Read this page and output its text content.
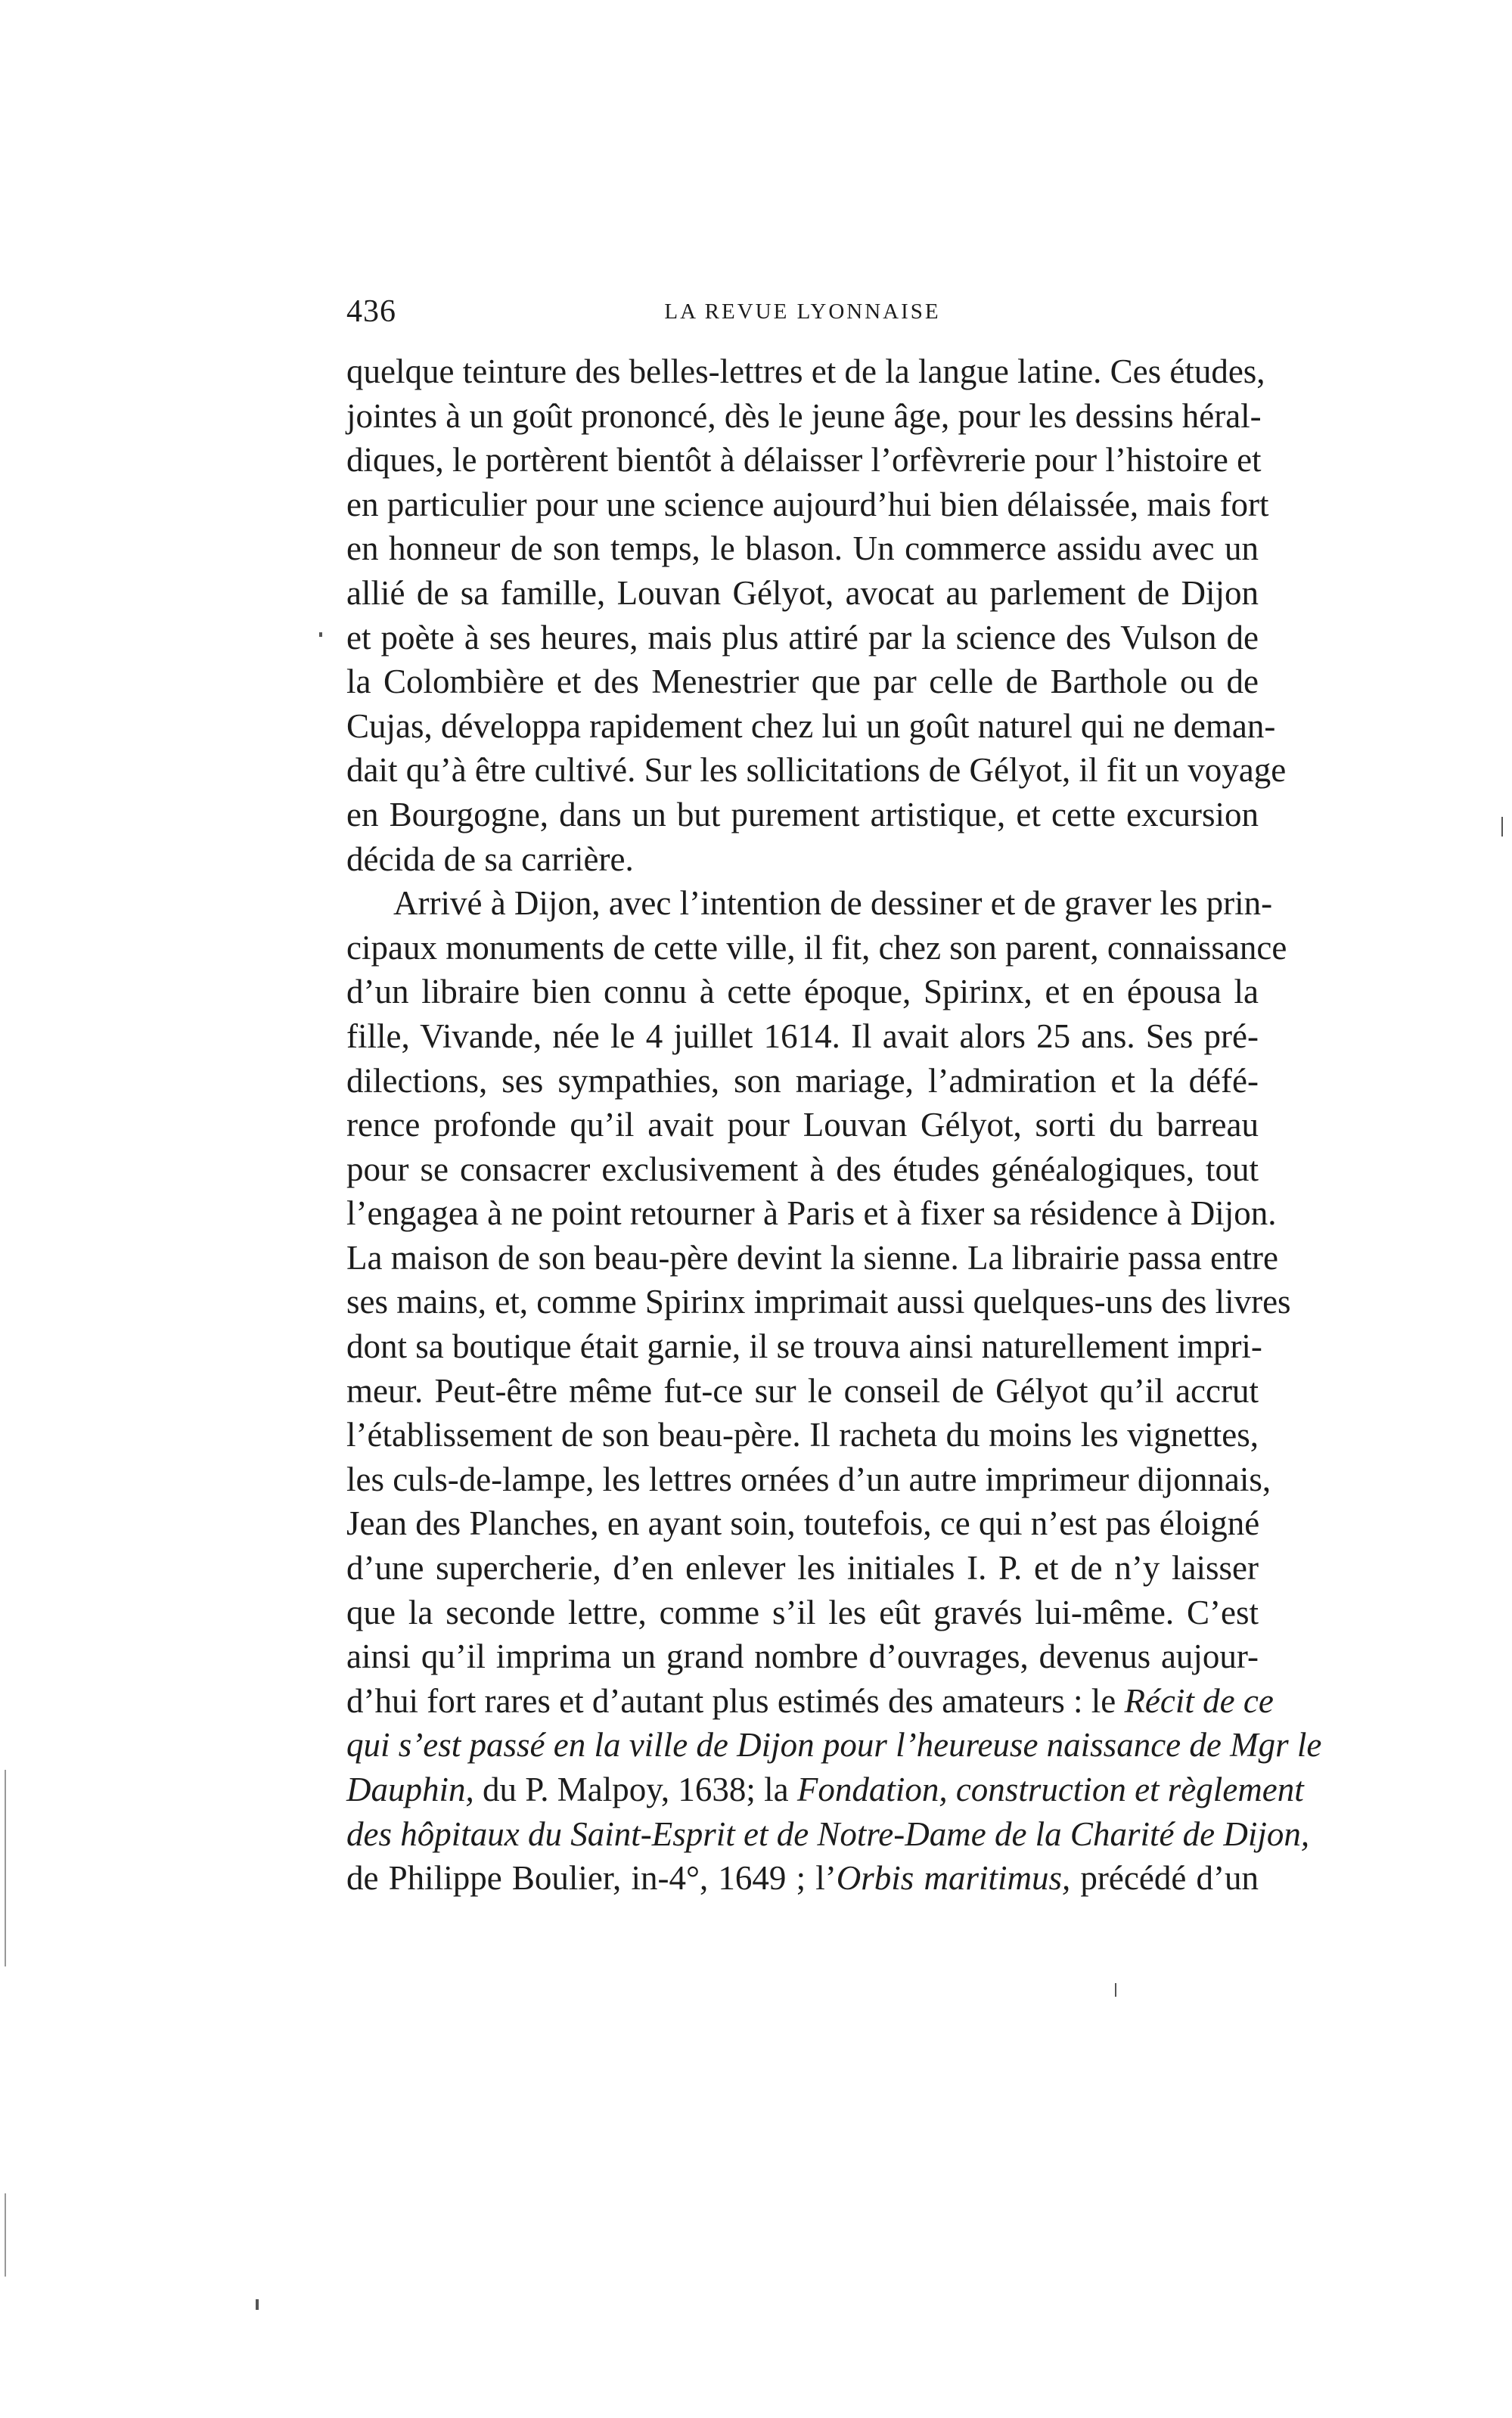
436	LA REVUE LYONNAISE
quelque teinture des belles-lettres et de la langue latine. Ces études,
jointes à un goût prononcé, dès le jeune âge, pour les dessins héral-
diques, le portèrent bientôt à délaisser l’orfèvrerie pour l’histoire et
en particulier pour une science aujourd’hui bien délaissée, mais fort
en honneur de son temps, le blason. Un commerce assidu avec un
allié de sa famille, Louvan Gélyot, avocat au parlement de Dijon
et poète à ses heures, mais plus attiré par la science des Vulson de
la Colombière et des Menestrier que par celle de Barthole ou de
Cujas, développa rapidement chez lui un goût naturel qui ne deman-
dait qu’à être cultivé. Sur les sollicitations de Gélyot, il fit un voyage
en Bourgogne, dans un but purement artistique, et cette excursion
décida de sa carrière.
Arrivé à Dijon, avec l’intention de dessiner et de graver les prin-
cipaux monuments de cette ville, il fit, chez son parent, connaissance
d’un libraire bien connu à cette époque, Spirinx, et en épousa la
fille, Vivande, née le 4 juillet 1614. Il avait alors 25 ans. Ses pré-
dilections, ses sympathies, son mariage, l’admiration et la défé-
rence profonde qu’il avait pour Louvan Gélyot, sorti du barreau
pour se consacrer exclusivement à des études généalogiques, tout
l’engagea à ne point retourner à Paris et à fixer sa résidence à Dijon.
La maison de son beau-père devint la sienne. La librairie passa entre
ses mains, et, comme Spirinx imprimait aussi quelques-uns des livres
dont sa boutique était garnie, il se trouva ainsi naturellement impri-
meur. Peut-être même fut-ce sur le conseil de Gélyot qu’il accrut
l’établissement de son beau-père. Il racheta du moins les vignettes,
les culs-de-lampe, les lettres ornées d’un autre imprimeur dijonnais,
Jean des Planches, en ayant soin, toutefois, ce qui n’est pas éloigné
d’une supercherie, d’en enlever les initiales I. P. et de n’y laisser
que la seconde lettre, comme s’il les eût gravés lui-même. C’est
ainsi qu’il imprima un grand nombre d’ouvrages, devenus aujour-
d’hui fort rares et d’autant plus estimés des amateurs : le Récit de ce
qui s’est passé en la ville de Dijon pour l’heureuse naissance de Mgr le
Dauphin, du P. Malpoy, 1638; la Fondation, construction et règlement
des hôpitaux du Saint-Esprit et de Notre-Dame de la Charité de Dijon,
de Philippe Boulier, in-4°, 1649 ; l’Orbis maritimus, précédé d’un
